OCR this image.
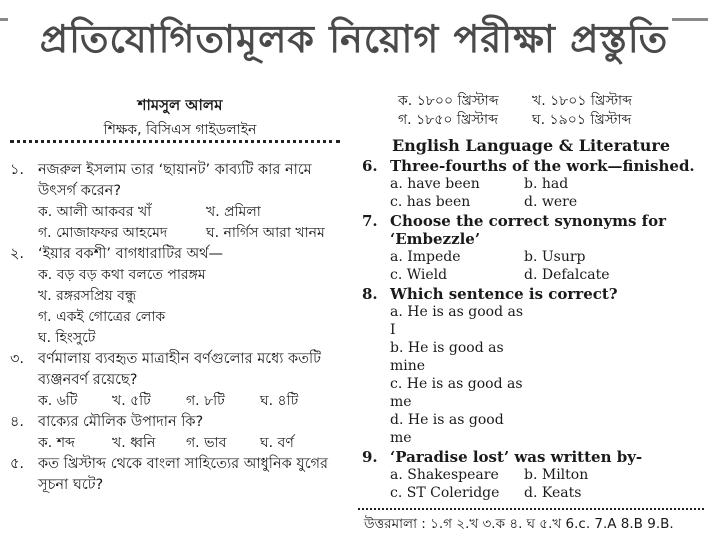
প্রতিযোগিতামূলক নিয়োগ পরীক্ষা প্রস্তুতি
শামসুল আলম
শিক্ষক, বিসিএস গাইডলাইন
১. নজরুল ইসলাম তার ‘ছায়ানট’ কাব্যটি কার নামে উৎসর্গ করেন?
ক. আলী আকবর খাঁ	খ. প্রমিলা
গ. মোজাফফর আহমেদ	ঘ. নার্গিস আরা খানম
২. ‘ইয়ার বকশী’ বাগধারাটির অর্থ—
ক. বড় বড় কথা বলতে পারঙ্গম
খ. রঙ্গরসপ্রিয় বন্ধু
গ. একই গোত্রের লোক
ঘ. হিংসুটে
৩. বর্ণমালায় ব্যবহৃত মাত্রাহীন বর্ণগুলোর মধ্যে কতটি ব্যঞ্জনবর্ণ রয়েছে?
ক. ৬টি খ. ৫টি	গ. ৮টি	ঘ. ৪টি
৪. বাক্যের মৌলিক উপাদান কি?
ক. শব্দ	খ. ধ্বনি গ. ভাব ঘ. বর্ণ
৫. কত খ্রিস্টাব্দ থেকে বাংলা সাহিত্যের আধুনিক যুগের সূচনা ঘটে?
ক. ১৮০০ খ্রিস্টাব্দ খ. ১৮০১ খ্রিস্টাব্দ
গ. ১৮৫০ খ্রিস্টাব্দ ঘ. ১৯০১ খ্রিস্টাব্দ
English Language & Literature
6. Three-fourths of the work—finished.
a. have been	b. had
c. has been	d. were
7. Choose the correct synonyms for ‘Embezzle’
a. Impede	b. Usurp
c. Wield	d. Defalcate
8. Which sentence is correct?
a. He is as good as I
b. He is good as mine
c. He is as good as me
d. He is as good me
9. ‘Paradise lost’ was written by-
a. Shakespeare b. Milton
c. ST Coleridge d. Keats
উত্তরমালা : ১.গ ২.খ ৩.ক ৪. ঘ ৫.খ 6.c. 7.A 8.B 9.B.
